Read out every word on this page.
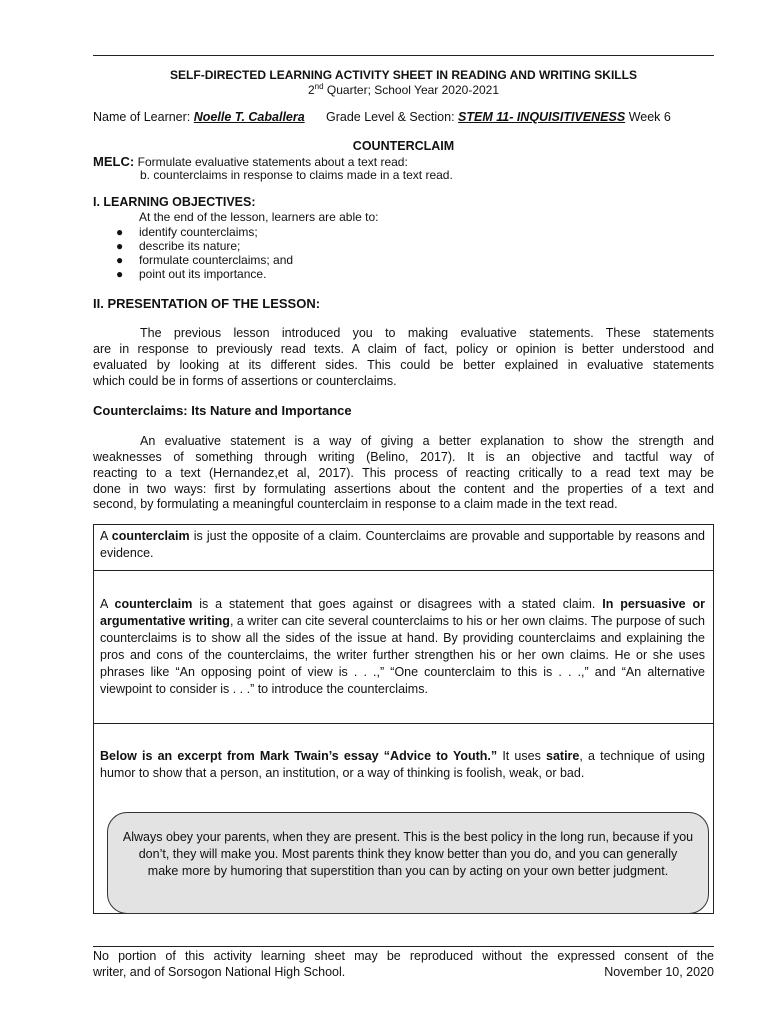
SELF-DIRECTED LEARNING ACTIVITY SHEET IN READING AND WRITING SKILLS
2nd Quarter; School Year 2020-2021
Name of Learner: Noelle T. Caballera Grade Level & Section: STEM 11- INQUISITIVENESS Week 6
COUNTERCLAIM
MELC: Formulate evaluative statements about a text read:
b. counterclaims in response to claims made in a text read.
I. LEARNING OBJECTIVES:
At the end of the lesson, learners are able to:
● identify counterclaims;
● describe its nature;
● formulate counterclaims; and
● point out its importance.
II. PRESENTATION OF THE LESSON:
The previous lesson introduced you to making evaluative statements. These statements
are in response to previously read texts. A claim of fact, policy or opinion is better understood and
evaluated by looking at its different sides. This could be better explained in evaluative statements
which could be in forms of assertions or counterclaims.
Counterclaims: Its Nature and Importance
An evaluative statement is a way of giving a better explanation to show the strength and
weaknesses of something through writing (Belino, 2017). It is an objective and tactful way of
reacting to a text (Hernandez,et al, 2017). This process of reacting critically to a read text may be
done in two ways: first by formulating assertions about the content and the properties of a text and
second, by formulating a meaningful counterclaim in response to a claim made in the text read.
A counterclaim is just the opposite of a claim. Counterclaims are provable and supportable by reasons and evidence.
A counterclaim is a statement that goes against or disagrees with a stated claim. In persuasive or argumentative writing, a writer can cite several counterclaims to his or her own claims. The purpose of such counterclaims is to show all the sides of the issue at hand. By providing counterclaims and explaining the pros and cons of the counterclaims, the writer further strengthen his or her own claims. He or she uses phrases like “An opposing point of view is . . .,” “One counterclaim to this is . . .,” and “An alternative viewpoint to consider is . . .” to introduce the counterclaims.
Below is an excerpt from Mark Twain’s essay “Advice to Youth.” It uses satire, a technique of using humor to show that a person, an institution, or a way of thinking is foolish, weak, or bad.
Always obey your parents, when they are present. This is the best policy in the long run, because if you don’t, they will make you. Most parents think they know better than you do, and you can generally make more by humoring that superstition than you can by acting on your own better judgment.
No portion of this activity learning sheet may be reproduced without the expressed consent of the
writer, and of Sorsogon National High School.	November 10, 2020
